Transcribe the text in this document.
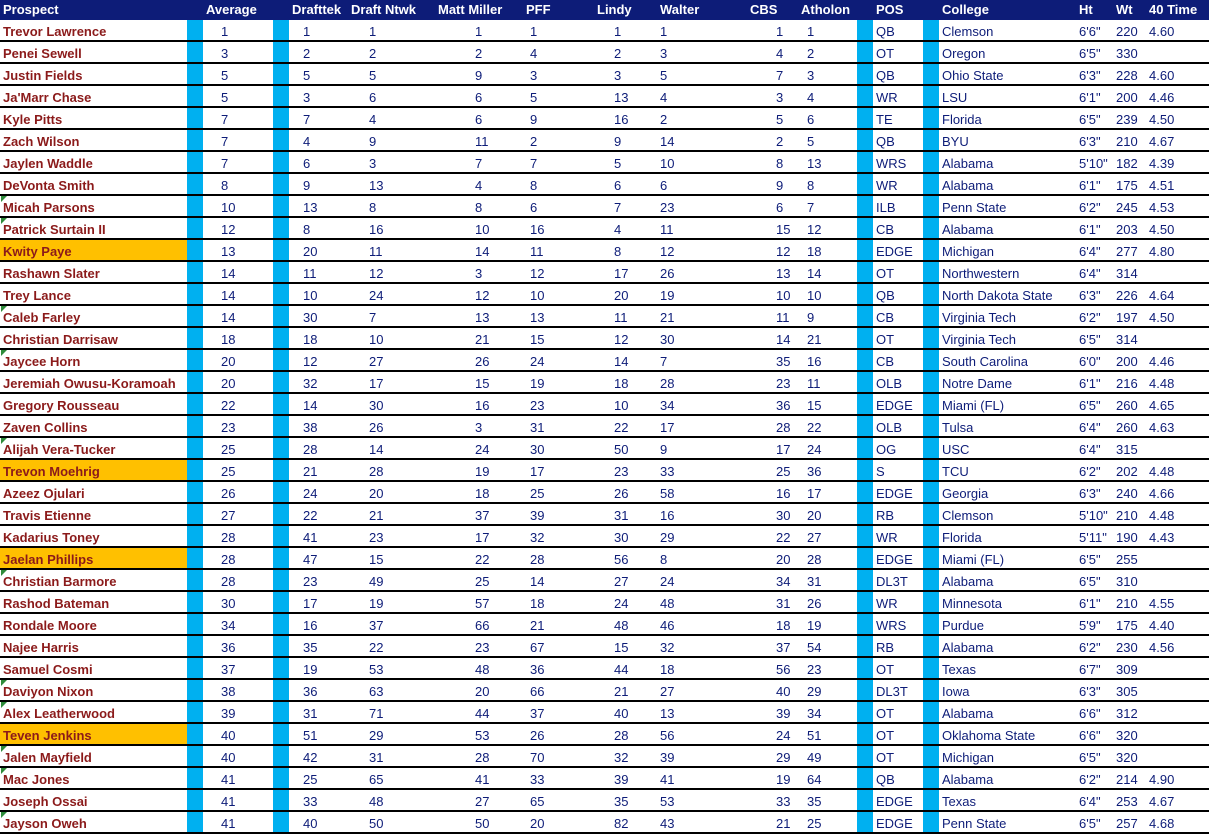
Prospect		Average		Drafttek	Draft Ntwk	Matt Miller	PFF	Lindy	Walter	CBS	Atholon		POS		College	Ht	Wt	40 Time
Trevor Lawrence		1		1	1	1	1	1	1	1	1		QB		Clemson	6'6"	220	4.60
Penei Sewell		3		2	2	2	4	2	3	4	2		OT		Oregon	6'5"	330	
Justin Fields		5		5	5	9	3	3	5	7	3		QB		Ohio State	6'3"	228	4.60
Ja'Marr Chase		5		3	6	6	5	13	4	3	4		WR		LSU	6'1"	200	4.46
Kyle Pitts		7		7	4	6	9	16	2	5	6		TE		Florida	6'5"	239	4.50
Zach Wilson		7		4	9	11	2	9	14	2	5		QB		BYU	6'3"	210	4.67
Jaylen Waddle		7		6	3	7	7	5	10	8	13		WRS		Alabama	5'10"	182	4.39
DeVonta Smith		8		9	13	4	8	6	6	9	8		WR		Alabama	6'1"	175	4.51

Micah Parsons		10		13	8	8	6	7	23	6	7		ILB		Penn State	6'2"	245	4.53

Patrick Surtain II		12		8	16	10	16	4	11	15	12		CB		Alabama	6'1"	203	4.50
Kwity Paye		13		20	11	14	11	8	12	12	18		EDGE		Michigan	6'4"	277	4.80
Rashawn Slater		14		11	12	3	12	17	26	13	14		OT		Northwestern	6'4"	314	
Trey Lance		14		10	24	12	10	20	19	10	10		QB		North Dakota State	6'3"	226	4.64

Caleb Farley		14		30	7	13	13	11	21	11	9		CB		Virginia Tech	6'2"	197	4.50
Christian Darrisaw		18		18	10	21	15	12	30	14	21		OT		Virginia Tech	6'5"	314	

Jaycee Horn		20		12	27	26	24	14	7	35	16		CB		South Carolina	6'0"	200	4.46
Jeremiah Owusu-Koramoah		20		32	17	15	19	18	28	23	11		OLB		Notre Dame	6'1"	216	4.48
Gregory Rousseau		22		14	30	16	23	10	34	36	15		EDGE		Miami (FL)	6'5"	260	4.65
Zaven Collins		23		38	26	3	31	22	17	28	22		OLB		Tulsa	6'4"	260	4.63

Alijah Vera-Tucker		25		28	14	24	30	50	9	17	24		OG		USC	6'4"	315	
Trevon Moehrig		25		21	28	19	17	23	33	25	36		S		TCU	6'2"	202	4.48
Azeez Ojulari		26		24	20	18	25	26	58	16	17		EDGE		Georgia	6'3"	240	4.66
Travis Etienne		27		22	21	37	39	31	16	30	20		RB		Clemson	5'10"	210	4.48
Kadarius Toney		28		41	23	17	32	30	29	22	27		WR		Florida	5'11"	190	4.43
Jaelan Phillips		28		47	15	22	28	56	8	20	28		EDGE		Miami (FL)	6'5"	255	

Christian Barmore		28		23	49	25	14	27	24	34	31		DL3T		Alabama	6'5"	310	
Rashod Bateman		30		17	19	57	18	24	48	31	26		WR		Minnesota	6'1"	210	4.55
Rondale Moore		34		16	37	66	21	48	46	18	19		WRS		Purdue	5'9"	175	4.40
Najee Harris		36		35	22	23	67	15	32	37	54		RB		Alabama	6'2"	230	4.56
Samuel Cosmi		37		19	53	48	36	44	18	56	23		OT		Texas	6'7"	309	

Daviyon Nixon		38		36	63	20	66	21	27	40	29		DL3T		Iowa	6'3"	305	

Alex Leatherwood		39		31	71	44	37	40	13	39	34		OT		Alabama	6'6"	312	
Teven Jenkins		40		51	29	53	26	28	56	24	51		OT		Oklahoma State	6'6"	320	

Jalen Mayfield		40		42	31	28	70	32	39	29	49		OT		Michigan	6'5"	320	

Mac Jones		41		25	65	41	33	39	41	19	64		QB		Alabama	6'2"	214	4.90
Joseph Ossai		41		33	48	27	65	35	53	33	35		EDGE		Texas	6'4"	253	4.67

Jayson Oweh		41		40	50	50	20	82	43	21	25		EDGE		Penn State	6'5"	257	4.68
